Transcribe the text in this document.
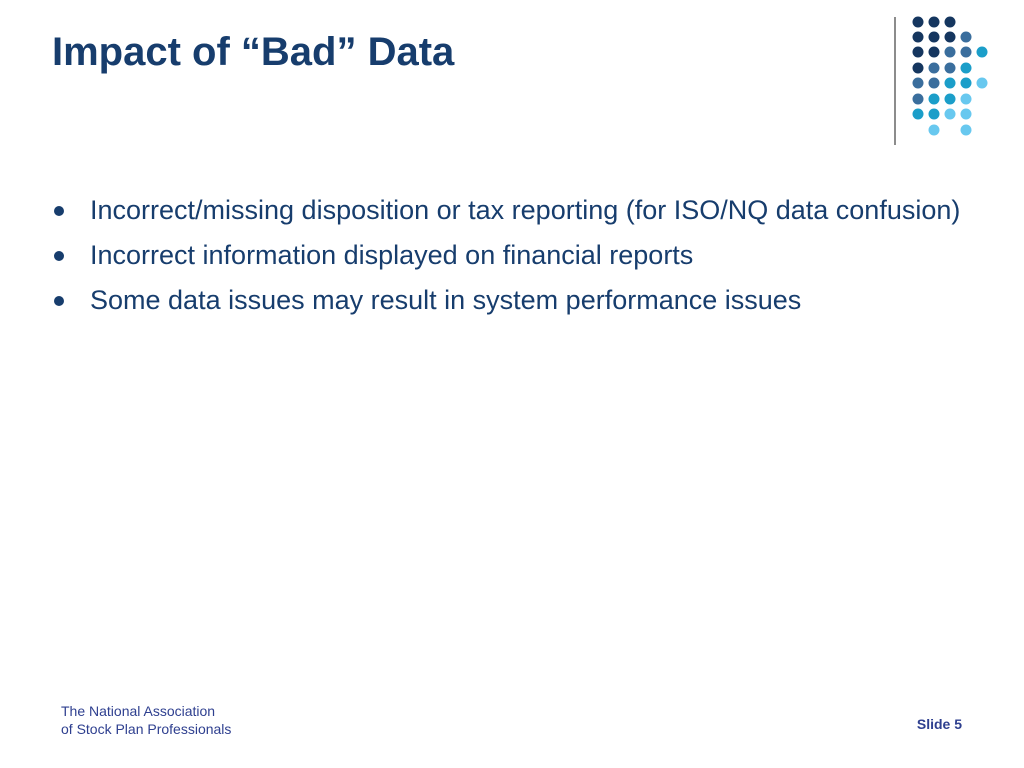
Impact of “Bad” Data
Incorrect/missing disposition or tax reporting (for ISO/NQ data confusion)
Incorrect information displayed on financial reports
Some data issues may result in system performance issues
The National Association
of Stock Plan Professionals	Slide 5
